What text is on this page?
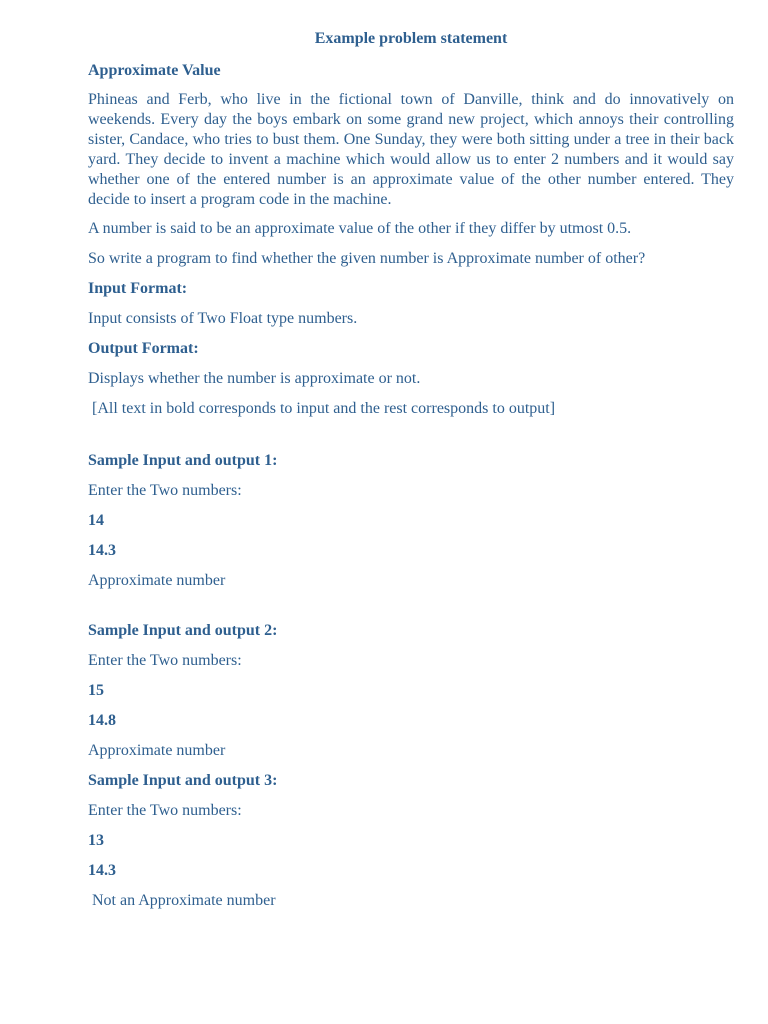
Example problem statement
Approximate Value
Phineas and Ferb, who live in the fictional town of Danville, think and do innovatively on weekends. Every day the boys embark on some grand new project, which annoys their controlling sister, Candace, who tries to bust them. One Sunday, they were both sitting under a tree in their back yard. They decide to invent a machine which would allow us to enter 2 numbers and it would say whether one of the entered number is an approximate value of the other number entered. They decide to insert a program code in the machine.
A number is said to be an approximate value of the other if they differ by utmost 0.5.
So write a program to find whether the given number is Approximate number of other?
Input Format:
Input consists of Two Float type numbers.
Output Format:
Displays whether the number is approximate or not.
[All text in bold corresponds to input and the rest corresponds to output]
Sample Input and output 1:
Enter the Two numbers:
14
14.3
Approximate number
Sample Input and output 2:
Enter the Two numbers:
15
14.8
Approximate number
Sample Input and output 3:
Enter the Two numbers:
13
14.3
Not an Approximate number
